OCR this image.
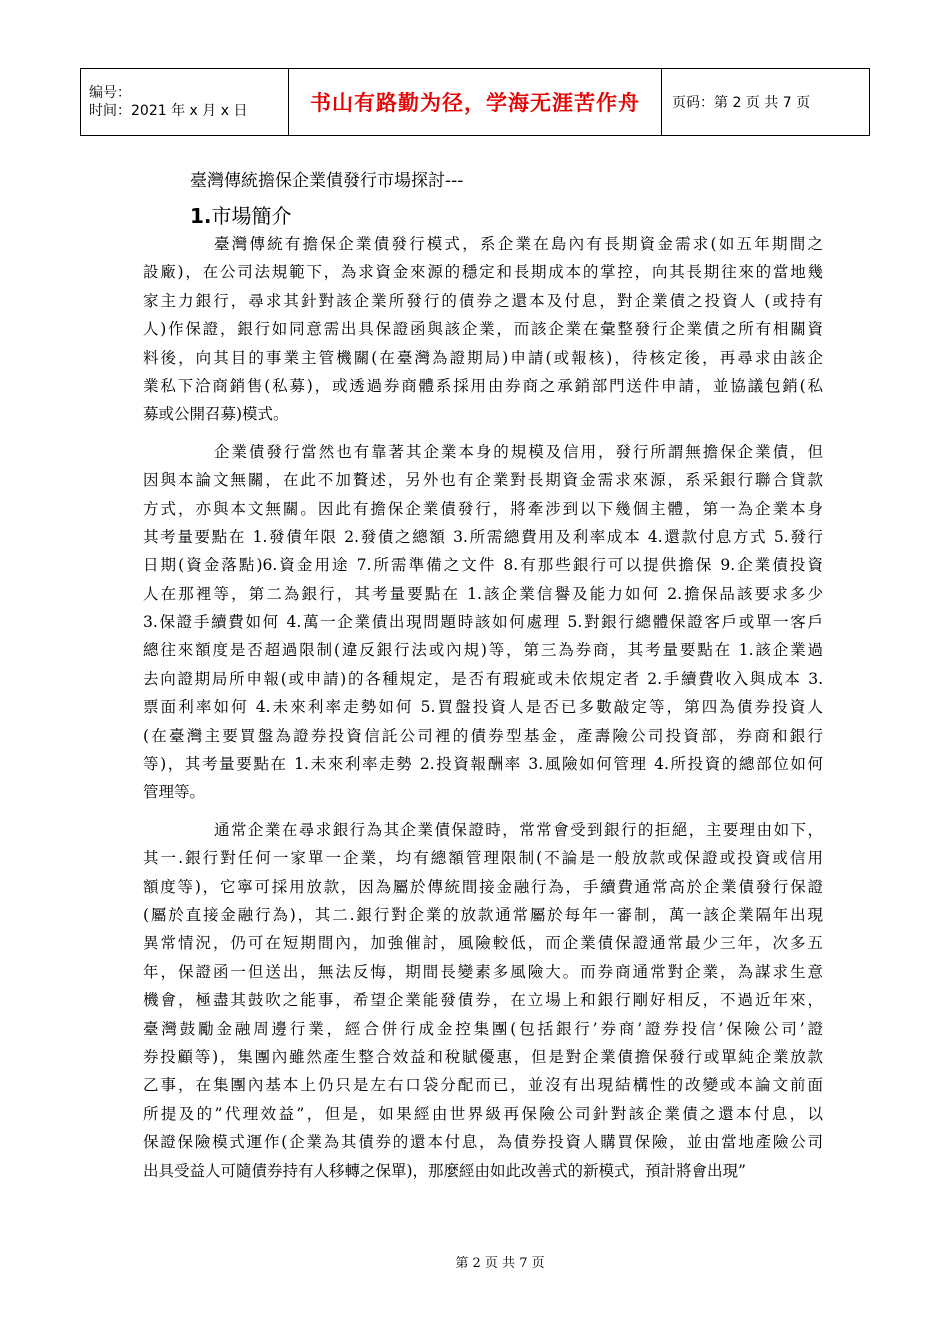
编号：
时间：2021 年 x 月 x 日	书山有路勤为径，学海无涯苦作舟	页码：第 2 页 共 7 页
臺灣傳統擔保企業債發行市場探討---
1.市場簡介
臺灣傳統有擔保企業債發行模式，系企業在島內有長期資金需求(如五年期間之
設廠)，在公司法規範下，為求資金來源的穩定和長期成本的掌控，向其長期往來的當地幾
家主力銀行，尋求其針對該企業所發行的債券之還本及付息，對企業債之投資人 (或持有
人)作保證，銀行如同意需出具保證函與該企業，而該企業在彙整發行企業債之所有相關資
料後，向其目的事業主管機關(在臺灣為證期局)申請(或報核)，待核定後，再尋求由該企
業私下洽商銷售(私募)，或透過券商體系採用由券商之承銷部門送件申請，並協議包銷(私
募或公開召募)模式。
企業債發行當然也有靠著其企業本身的規模及信用，發行所謂無擔保企業債，但
因與本論文無關，在此不加贅述，另外也有企業對長期資金需求來源，系采銀行聯合貸款
方式，亦與本文無關。因此有擔保企業債發行，將牽涉到以下幾個主體，第一為企業本身
其考量要點在 1.發債年限 2.發債之總額 3.所需總費用及利率成本 4.還款付息方式 5.發行
日期(資金落點)6.資金用途 7.所需準備之文件 8.有那些銀行可以提供擔保 9.企業債投資
人在那裡等，第二為銀行，其考量要點在 1.該企業信譽及能力如何 2.擔保品該要求多少
3.保證手續費如何 4.萬一企業債出現問題時該如何處理 5.對銀行總體保證客戶或單一客戶
總往來額度是否超過限制(違反銀行法或內規)等，第三為券商，其考量要點在 1.該企業過
去向證期局所申報(或申請)的各種規定，是否有瑕疵或未依規定者 2.手續費收入與成本 3.
票面利率如何 4.未來利率走勢如何 5.買盤投資人是否已多數敲定等，第四為債券投資人
(在臺灣主要買盤為證券投資信託公司裡的債券型基金，產壽險公司投資部，券商和銀行
等)，其考量要點在 1.未來利率走勢 2.投資報酬率 3.風險如何管理 4.所投資的總部位如何
管理等。
通常企業在尋求銀行為其企業債保證時，常常會受到銀行的拒絕，主要理由如下，
其一.銀行對任何一家單一企業，均有總額管理限制(不論是一般放款或保證或投資或信用
額度等)，它寧可採用放款，因為屬於傳統間接金融行為，手續費通常高於企業債發行保證
(屬於直接金融行為)，其二.銀行對企業的放款通常屬於每年一審制，萬一該企業隔年出現
異常情況，仍可在短期間內，加強催討，風險較低，而企業債保證通常最少三年，次多五
年，保證函一但送出，無法反悔，期間長變素多風險大。而券商通常對企業，為謀求生意
機會，極盡其鼓吹之能事，希望企業能發債券，在立場上和銀行剛好相反，不過近年來，
臺灣鼓勵金融周邊行業，經合併行成金控集團(包括銀行’券商’證券投信’保險公司’證
券投顧等)，集團內雖然產生整合效益和稅賦優惠，但是對企業債擔保發行或單純企業放款
乙事，在集團內基本上仍只是左右口袋分配而已，並沒有出現結構性的改變或本論文前面
所提及的”代理效益”，但是，如果經由世界級再保險公司針對該企業債之還本付息，以
保證保險模式運作(企業為其債券的還本付息，為債券投資人購買保險，並由當地產險公司
出具受益人可隨債券持有人移轉之保單)，那麼經由如此改善式的新模式，預計將會出現”
第 2 页 共 7 页
